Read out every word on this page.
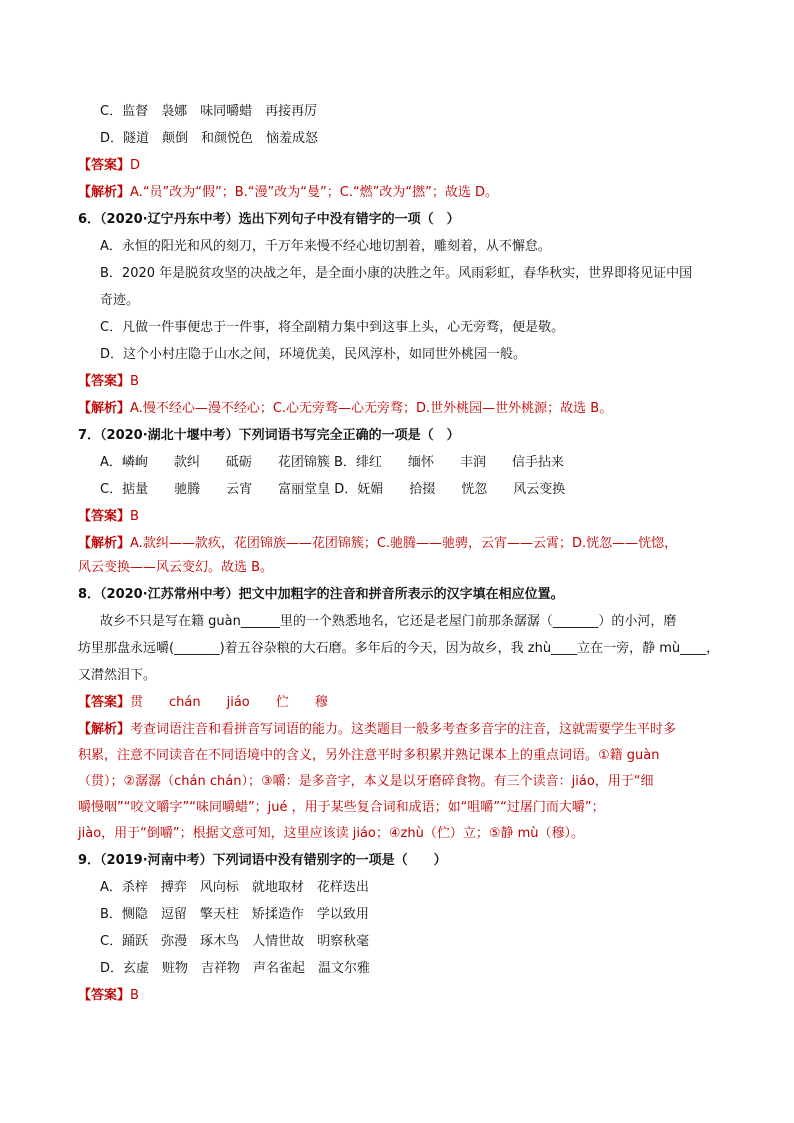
C．监督　袅娜　味同嚼蜡　再接再厉
D．隧道　颠倒　和颜悦色　恼羞成怒
【答案】D
【解析】A.“员”改为“假”；B.“漫”改为“曼”；C.“燃”改为“撚”；故选 D。
6．（2020·辽宁丹东中考）选出下列句子中没有错字的一项（　）
A．永恒的阳光和风的刻刀，千万年来慢不经心地切割着，雕刻着，从不懈怠。
B．2020 年是脱贫攻坚的决战之年，是全面小康的决胜之年。风雨彩虹，春华秋实，世界即将见证中国
奇迹。
C．凡做一件事便忠于一件事，将全副精力集中到这事上头，心无旁骛，便是敬。
D．这个小村庄隐于山水之间，环境优美，民风淳朴，如同世外桃园一般。
【答案】B
【解析】A.慢不经心—漫不经心；C.心无旁骛—心无旁骛；D.世外桃园—世外桃源；故选 B。
7．（2020·湖北十堰中考）下列词语书写完全正确的一项是（　）
A．嶙峋　　款纠　　砥砺　　花团锦簇 B．绯红　　缅怀　　丰润　　信手拈来
C．掂量　　驰腾　　云宵　　富丽堂皇 D．妩媚　　拾掇　　恍忽　　风云变换
【答案】B
【解析】A.款纠——款疚，花团锦族——花团锦簇；C.驰腾——驰骋，云宵——云霄；D.恍忽——恍惚，
风云变换——风云变幻。故选 B。
8．（2020·江苏常州中考）把文中加粗字的注音和拼音所表示的汉字填在相应位置。
故乡不只是写在籍 guàn______里的一个熟悉地名，它还是老屋门前那条潺潺（_______）的小河，磨
坊里那盘永远嚼(_______)着五谷杂粮的大石磨。多年后的今天，因为故乡，我 zhù____立在一旁，静 mù____，
又潸然泪下。
【答案】贯　　chán　　jiáo　　伫　　穆
【解析】考查词语注音和看拼音写词语的能力。这类题目一般多考查多音字的注音，这就需要学生平时多
积累，注意不同读音在不同语境中的含义，另外注意平时多积累并熟记课本上的重点词语。①籍 guàn
（贯）；②潺潺（chán chán）；③嚼：是多音字，本义是以牙磨碎食物。有三个读音：jiáo，用于“细
嚼慢咽”“咬文嚼字”“味同嚼蜡”；jué ，用于某些复合词和成语；如“咀嚼”“过屠门而大嚼”；
jiào，用于“倒嚼”；根据文意可知，这里应该读 jiáo；④zhù（伫）立；⑤静 mù（穆）。
9．（2019·河南中考）下列词语中没有错别字的一项是（　　）
A．杀梓　搏弈　风向标　就地取材　花样迭出
B．恻隐　逗留　擎天柱　矫揉造作　学以致用
C．踊跃　弥漫　琢木鸟　人情世故　明察秋毫
D．玄虚　赃物　吉祥物　声名雀起　温文尔雅
【答案】B
